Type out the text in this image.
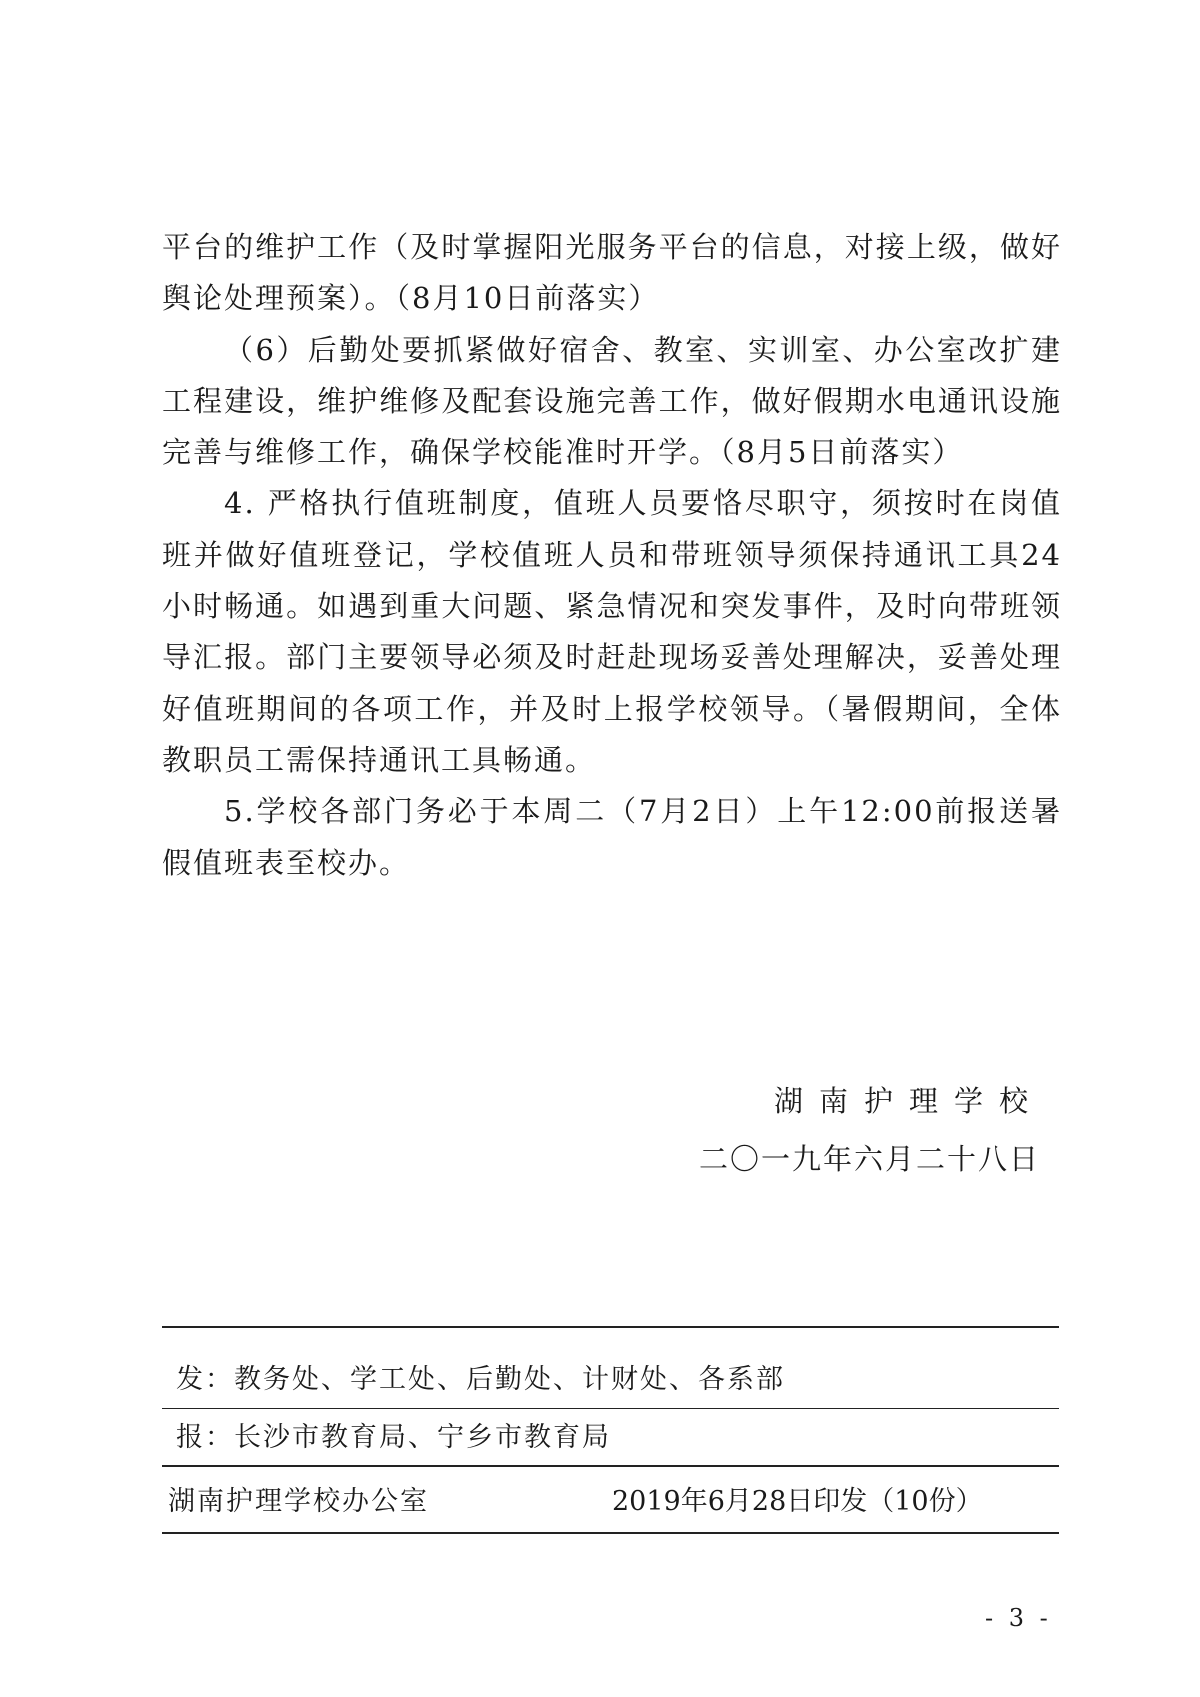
平台的维护工作（及时掌握阳光服务平台的信息，对接上级，做好舆论处理预案）。（8月10日前落实）

（6）后勤处要抓紧做好宿舍、教室、实训室、办公室改扩建工程建设，维护维修及配套设施完善工作，做好假期水电通讯设施完善与维修工作，确保学校能准时开学。（8月5日前落实）

4. 严格执行值班制度，值班人员要恪尽职守，须按时在岗值班并做好值班登记，学校值班人员和带班领导须保持通讯工具24小时畅通。如遇到重大问题、紧急情况和突发事件，及时向带班领导汇报。部门主要领导必须及时赶赴现场妥善处理解决，妥善处理好值班期间的各项工作，并及时上报学校领导。（暑假期间，全体教职员工需保持通讯工具畅通。

5.学校各部门务必于本周二（7月2日）上午12:00前报送暑假值班表至校办。

湖南护理学校
二〇一九年六月二十八日
发：教务处、学工处、后勤处、计财处、各系部
报：长沙市教育局、宁乡市教育局
湖南护理学校办公室	2019年6月28日印发（10份）
- 3 -
